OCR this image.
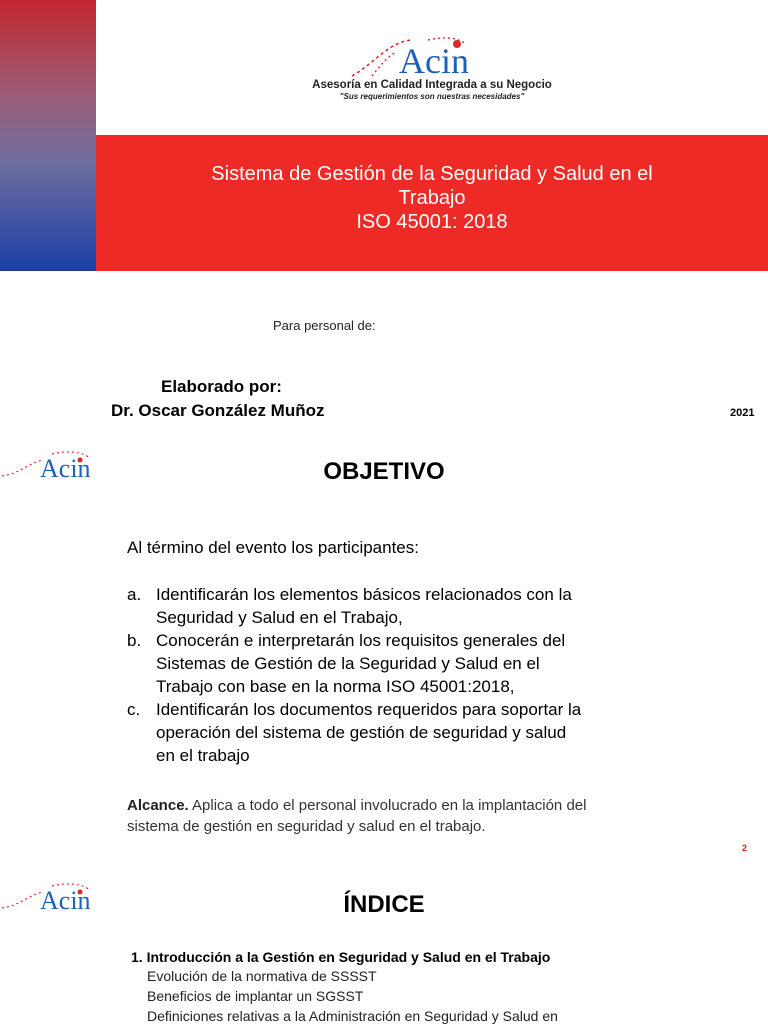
Acin
Asesoría en Calidad Integrada a su Negocio
"Sus requerimientos son nuestras necesidades"
Sistema de Gestión de la Seguridad y Salud en el
Trabajo
ISO 45001: 2018
Para personal de:
Elaborado por:
Dr. Oscar González Muñoz	2021
Acin	OBJETIVO
Al término del evento los participantes:
a. Identificarán los elementos básicos relacionados con la
Seguridad y Salud en el Trabajo,
b. Conocerán e interpretarán los requisitos generales del
Sistemas de Gestión de la Seguridad y Salud en el
Trabajo con base en la norma ISO 45001:2018,
c. Identificarán los documentos requeridos para soportar la
operación del sistema de gestión de seguridad y salud
en el trabajo
Alcance. Aplica a todo el personal involucrado en la implantación del
sistema de gestión en seguridad y salud en el trabajo.
2
Acin	ÍNDICE
1. Introducción a la Gestión en Seguridad y Salud en el Trabajo
Evolución de la normativa de SSSST
Beneficios de implantar un SGSST
Definiciones relativas a la Administración en Seguridad y Salud en
